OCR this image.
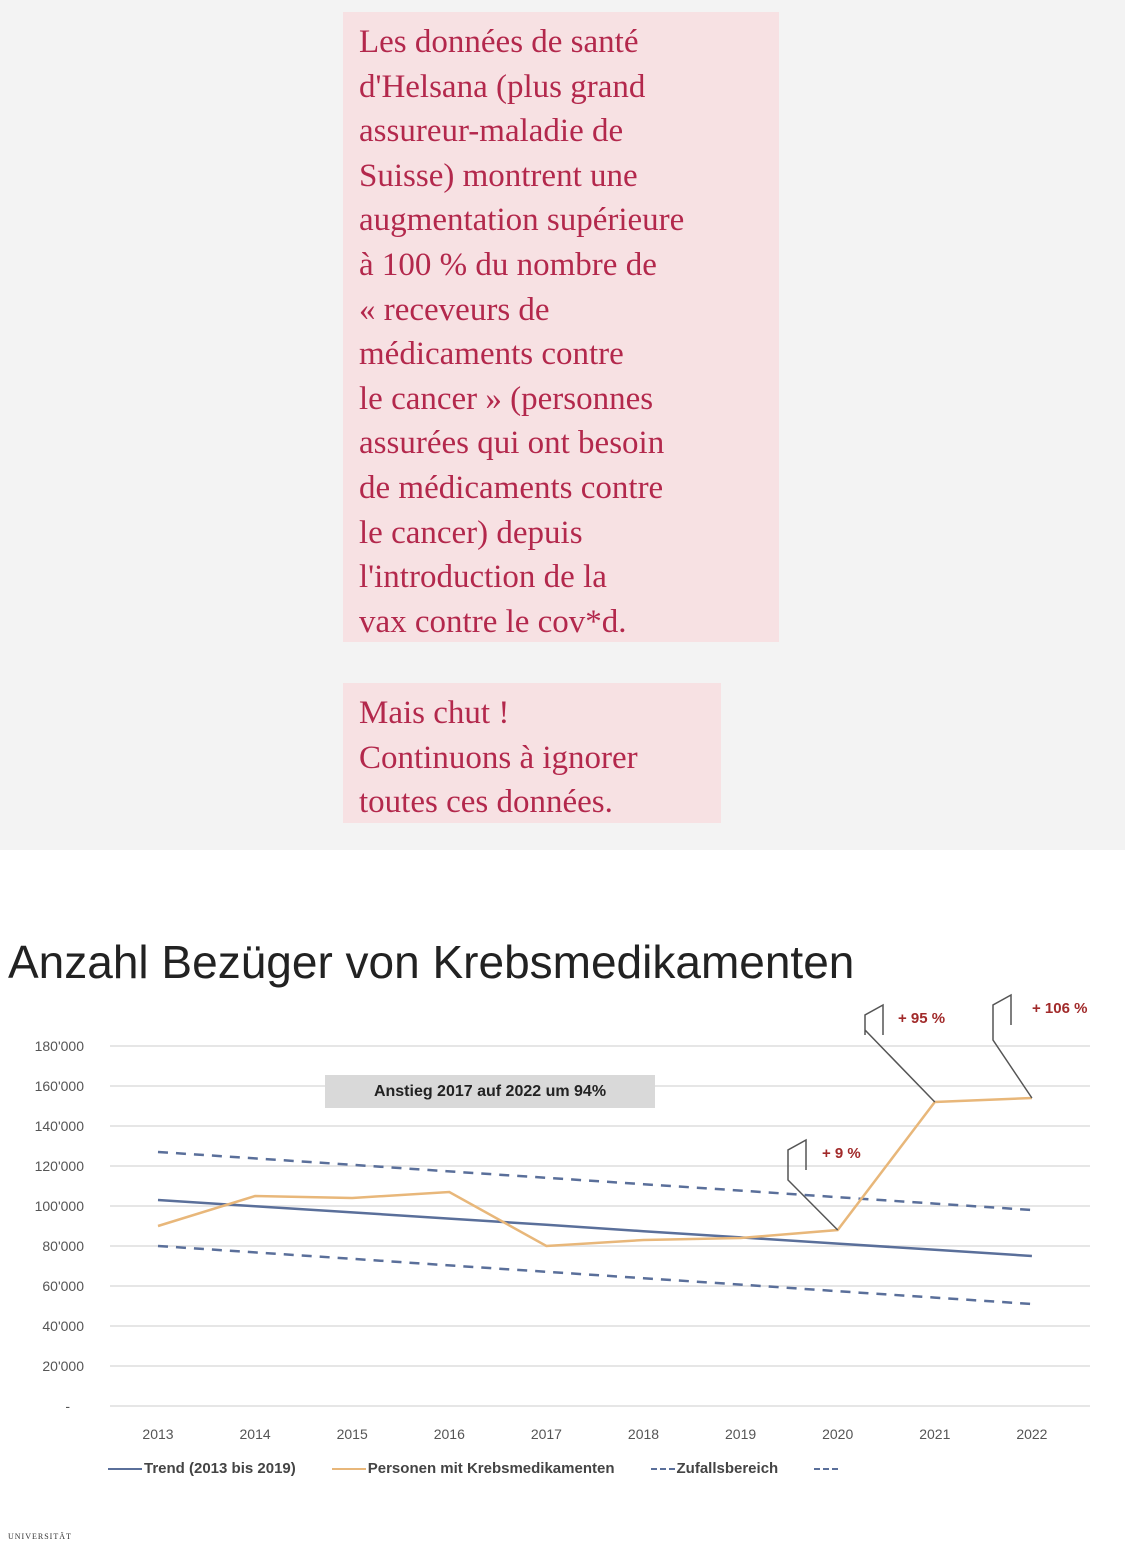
Les données de santé
d'Helsana (plus grand
assureur-maladie de
Suisse) montrent une
augmentation supérieure
à 100 % du nombre de
« receveurs de
médicaments contre
le cancer » (personnes
assurées qui ont besoin
de médicaments contre
le cancer) depuis
l'introduction de la
vax contre le cov*d.
Mais chut !
Continuons à ignorer
toutes ces données.
Anzahl Bezüger von Krebsmedikamenten
-
20'000
40'000
60'000
80'000
100'000
120'000
140'000
160'000
180'000
2013	2014	2015	2016	2017	2018	2019	2020	2021	2022
+ 9 %
+ 95 %
+ 106 %
Anstieg 2017 auf 2022 um 94%
Trend (2013 bis 2019)	Personen mit Krebsmedikamenten	Zufallsbereich
UNIVERSITÄT
